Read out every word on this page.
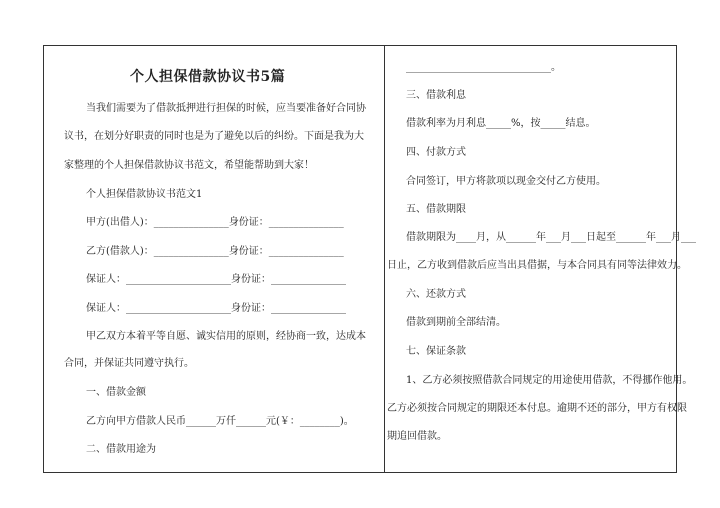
个人担保借款协议书5篇
当我们需要为了借款抵押进行担保的时候，应当要准备好合同协
议书，在划分好职责的同时也是为了避免以后的纠纷。下面是我为大
家整理的个人担保借款协议书范文，希望能帮助到大家！
个人担保借款协议书范文1
甲方(出借人)：_______________身份证：_______________
乙方(借款人)：_______________身份证：_______________
保证人：_____________________身份证：_______________
保证人：_____________________身份证：_______________
甲乙双方本着平等自愿、诚实信用的原则，经协商一致，达成本
合同，并保证共同遵守执行。
一、借款金额
乙方向甲方借款人民币______万仟______元(￥：________)。
二、借款用途为
_____________________________。
三、借款利息
借款利率为月利息_____%，按_____结息。
四、付款方式
合同签订，甲方将款项以现金交付乙方使用。
五、借款期限
借款期限为____月，从______年___月___日起至______年___月___
日止，乙方收到借款后应当出具借据，与本合同具有同等法律效力。
六、还款方式
借款到期前全部结清。
七、保证条款
1、乙方必须按照借款合同规定的用途使用借款，不得挪作他用。
乙方必须按合同规定的期限还本付息。逾期不还的部分，甲方有权限
期追回借款。
